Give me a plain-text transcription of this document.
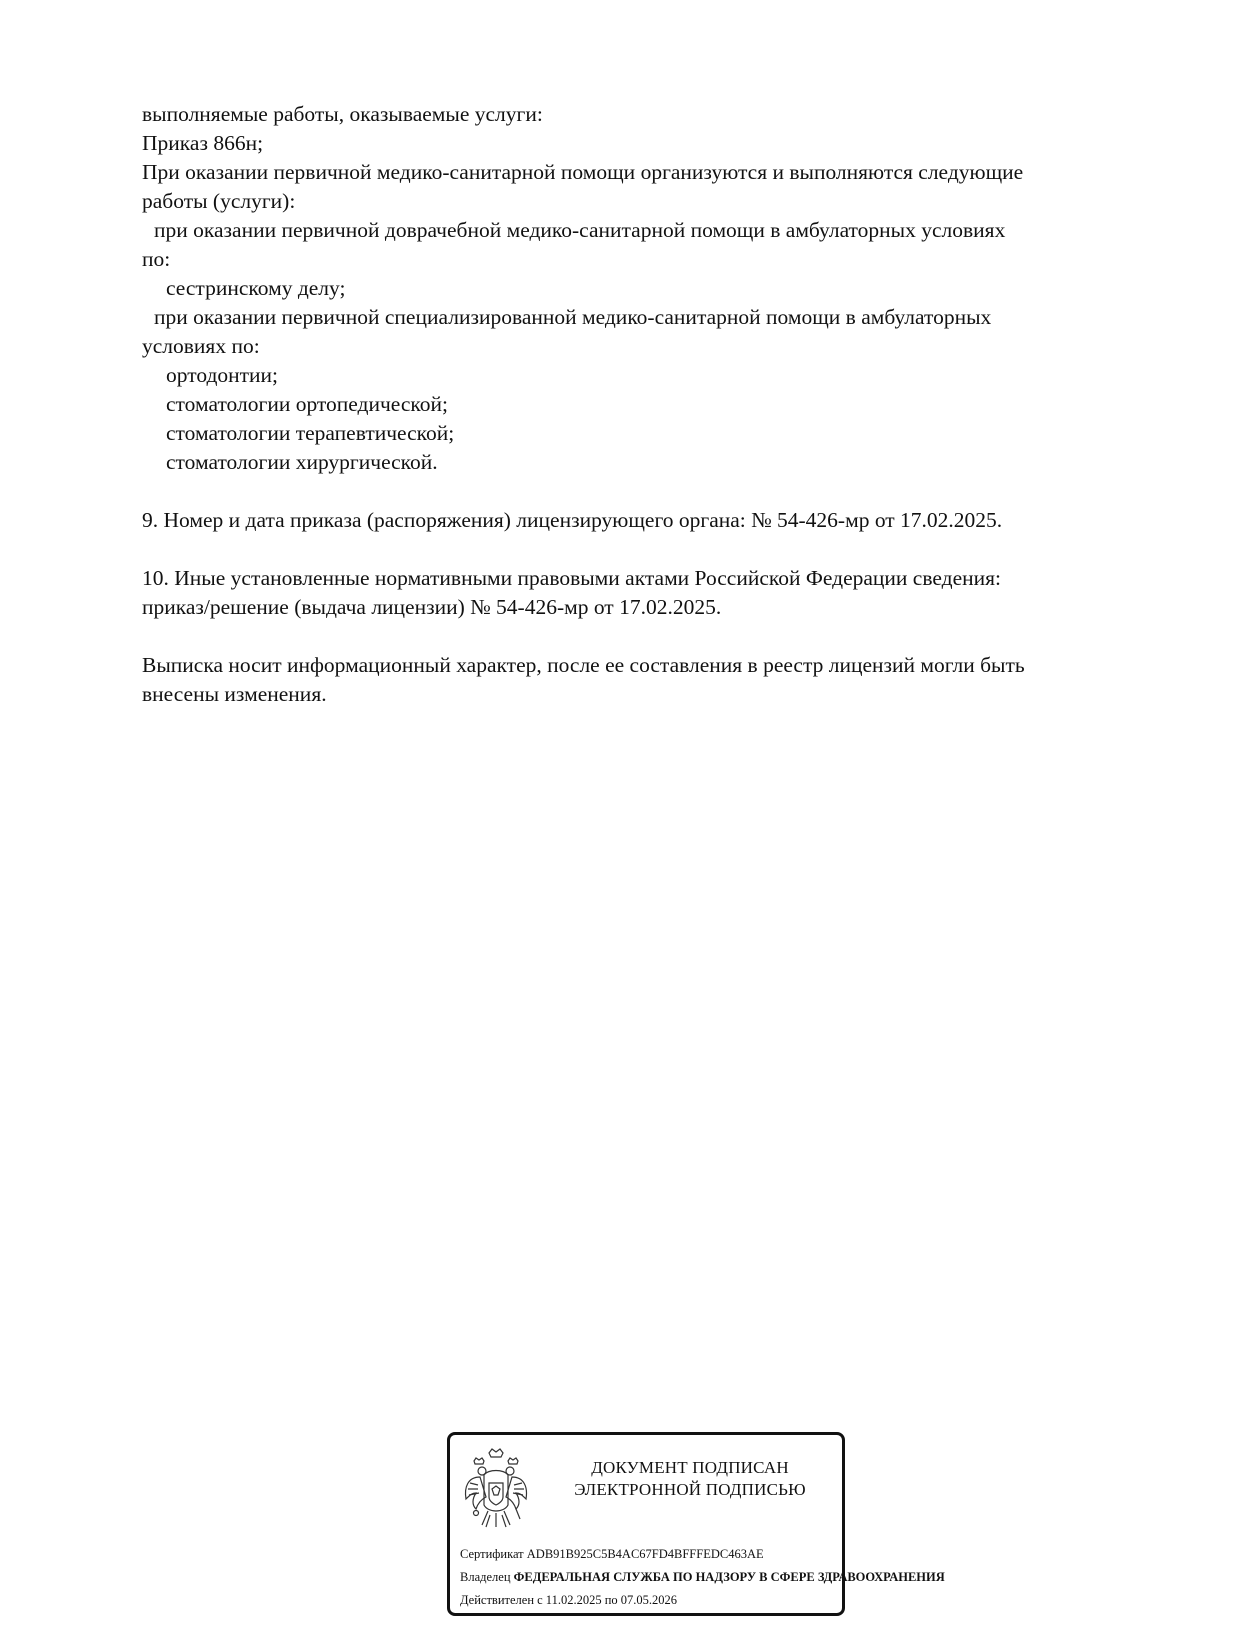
выполняемые работы, оказываемые услуги:
Приказ 866н;
При оказании первичной медико-санитарной помощи организуются и выполняются следующие
работы (услуги):
при оказании первичной доврачебной медико-санитарной помощи в амбулаторных условиях
по:
сестринскому делу;
при оказании первичной специализированной медико-санитарной помощи в амбулаторных
условиях по:
ортодонтии;
стоматологии ортопедической;
стоматологии терапевтической;
стоматологии хирургической.
9. Номер и дата приказа (распоряжения) лицензирующего органа: № 54-426-мр от 17.02.2025.
10. Иные установленные нормативными правовыми актами Российской Федерации сведения:
приказ/решение (выдача лицензии) № 54-426-мр от 17.02.2025.
Выписка носит информационный характер, после ее составления в реестр лицензий могли быть
внесены изменения.
ДОКУМЕНТ ПОДПИСАН
ЭЛЕКТРОННОЙ ПОДПИСЬЮ
Сертификат ADB91B925C5B4AC67FD4BFFFEDC463AE
Владелец ФЕДЕРАЛЬНАЯ СЛУЖБА ПО НАДЗОРУ В СФЕРЕ ЗДРАВООХРАНЕНИЯ
Действителен с 11.02.2025 по 07.05.2026
